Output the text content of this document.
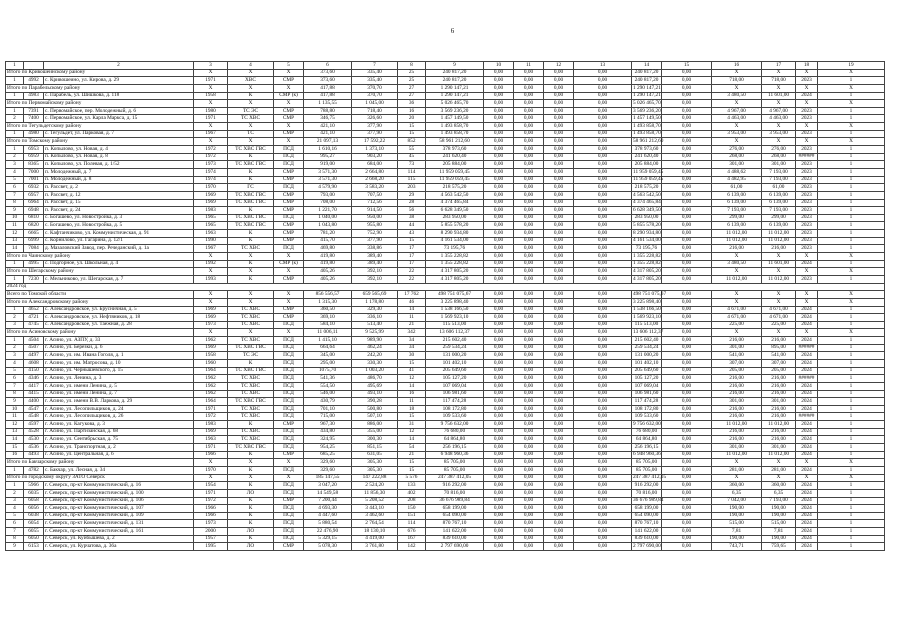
6
1		2	3	4	5	6	7	8	9	10	11	12	13	14	15	16	17	18	19
Итого по Кривошеинскому району			X	X	X	373,60	335,40	25	240 817,20	0,00	0,00	0,00	0,00	240 817,20	0,00	X	X	X	X
1	4992	с. Кривошеино, ул. Кирова, д. 29	1971	ХВС	СМР	373,60	335,40	25	240 817,20	0,00	0,00	0,00	0,00	240 817,20	0,00	718,00	718,00	2023	1
Итого по Парабельскому району			X	X	X	417,88	370,70	27	1 290 147,21	0,00	0,00	0,00	0,00	1 290 147,21	0,00	X	X	X	X
1	4983	с. Парабель, ул. Шишкова, д. 118	1958	К	СМР (к)	417,88	370,70	27	1 290 147,21	0,00	0,00	0,00	0,00	1 290 147,21	0,00	3 480,50	11 601,00	2024	1
Итого по Первомайскому району			X	X	X	1 135,55	1 045,00	36	5 026 465,70	0,00	0,00	0,00	0,00	5 026 465,70	0,00	X	X	X	X
1	7391	с. Первомайское, пер. Молодежный, д. 6	1980	ТС ЭС	СМР	788,80	718,40	16	3 569 236,20	0,00	0,00	0,00	0,00	3 569 236,20	0,00	4 967,00	4 967,00	2023	1
2	7400	с. Первомайское, ул. Карла Маркса, д. 15	1971	ТС ХВС	СМР	346,75	326,60	20	1 457 149,50	0,00	0,00	0,00	0,00	1 457 149,50	0,00	4 463,00	4 463,00	2023	1
Итого по Тегульдетскому району			X	X	X	421,10	377,90	15	1 493 858,70	0,00	0,00	0,00	0,00	1 493 858,70	0,00	X	X	X	X
1	4980	с. Тегульдет, ул. Парковая, д. 7	1967	ТС	СМР	421,10	377,90	15	1 493 858,70	0,00	0,00	0,00	0,00	1 493 858,70	0,00	3 953,00	3 953,00	2023	1
Итого по Томскому району			X	X	X	21 097,13	17 592,22	852	58 961 212,60	0,00	0,00	0,00	0,00	58 961 212,60	0,00	X	X	X	X
1	6953	п. Копылово, ул. Новая, д. 4	1972	ТС ХВС ГВС	ПСД	1 610,16	1 373,10	55	378 973,60	0,00	0,00	0,00	0,00	378 973,60	0,00	276,00	276,00	2023	1
2	6959	п. Копылово, ул. Новая, д. 8	1972	К	ПСД	995,27	903,20	45	241 620,40	0,00	0,00	0,00	0,00	241 620,40	0,00	268,00	268,00	######	1
3	8365	п. Копылово, ул. Полевая, д. 1/52	1973	ТС ХВС ГВС	ПСД	919,00	684,00	73	205 884,00	0,00	0,00	0,00	0,00	205 884,00	0,00	301,00	301,00	2023	1
4	7000	п. Молодежный, д. 7	1974	К	СМР	3 571,30	2 664,80	114	11 959 059,45	0,00	0,00	0,00	0,00	11 959 059,45	0,00	4 488,62	7 193,00	2023	1
5	7001	п. Молодежный, д. 8	1974	К	СМР	3 571,30	2 668,20	115	11 959 059,45	0,00	0,00	0,00	0,00	11 959 059,45	0,00	4 482,95	7 193,00	2023	1
6	6932	п. Рассвет, д. 2	1970	ГС	ПСД	4 579,90	3 583,20	203	218 575,20	0,00	0,00	0,00	0,00	218 575,20	0,00	61,00	61,00	2023	1
7	6957	п. Рассвет, д. 12	1969	ТС ХВС ГВС	СМР	793,00	707,50	29	4 563 542,50	0,00	0,00	0,00	0,00	4 563 542,50	0,00	6 139,00	6 139,00	2023	1
8	6964	п. Рассвет, д. 15	1969	ТС ХВС ГВС	СМР	708,00	712,56	28	4 374 465,84	0,00	0,00	0,00	0,00	4 374 465,84	0,00	6 139,00	6 139,00	2023	1
9	6948	п. Рассвет, д. 24	1983	К	СМР	1 221,70	914,50	56	6 628 349,50	0,00	0,00	0,00	0,00	6 628 349,50	0,00	7 193,00	7 193,00	2023	1
10	6810	с. Богашево, ул. Новостройка, д. 3	1965	ТС ХВС ГВС	ПСД	1 040,00	950,00	38	283 950,00	0,00	0,00	0,00	0,00	283 950,00	0,00	299,00	299,00	2023	1
11	6820	с. Богашево, ул. Новостройка, д. 5	1965	ТС ХВС ГВС	СМР	1 043,80	955,80	44	5 855 578,20	0,00	0,00	0,00	0,00	5 855 578,20	0,00	6 139,00	6 139,00	2023	1
12	6665	с. Кафтанчиково, ул. Коммунистическая, д. 91	1963	К	СМР	781,20	752,90	43	8 290 934,80	0,00	0,00	0,00	0,00	8 290 934,80	0,00	11 012,00	11 012,00	2023	1
13	6999	с. Корнилово, ул. Гагарина, д. 12/1	1990	К	СМР	415,70	377,90	15	4 161 534,00	0,00	0,00	0,00	0,00	4 161 534,00	0,00	11 012,00	11 012,00	2023	1
14	7084	д. Мазаловский Завод, пер. Речеданский, д. 1а	1967	ТС ХВС	ПСД	469,80	338,86	17	73 195,76	0,00	0,00	0,00	0,00	73 195,76	0,00	216,00	216,00	2023	1
Итого по Чаинскому району			X	X	X	419,80	389,40	17	1 355 228,82	0,00	0,00	0,00	0,00	1 355 228,82	0,00	X	X	X	X
1	4995	с. Подгорное, ул. Школьная, д. 4	1992	К	СМР (к)	419,80	389,40	17	1 355 228,82	0,00	0,00	0,00	0,00	1 355 228,82	0,00	3 480,50	11 601,00	2024	1
Итого по Шегарскому району			X	X	X	405,26	392,10	22	4 317 805,20	0,00	0,00	0,00	0,00	4 317 805,20	0,00	X	X	X	X
1	7230	с. Мельниково, ул. Шегарская, д. 7	1993	К	СМР	405,26	392,10	22	4 317 805,20	0,00	0,00	0,00	0,00	4 317 805,20	0,00	11 012,00	11 012,00	2023	1
2024 год																			
Всего по Томской области			X	X	X	856 556,57	659 565,69	17 762	498 751 075,67	0,00	0,00	0,00	0,00	498 751 075,67	0,00	X	X	X	X
Итого по Александровскому району			X	X	X	1 315,30	1 178,80	46	3 225 898,40	0,00	0,00	0,00	0,00	3 225 898,40	0,00	X	X	X	X
1	4652	с. Александровское, ул. Брусничная, д. 5	1969	ТС ХВС	СМР	360,50	329,30	14	1 538 166,50	0,00	0,00	0,00	0,00	1 538 166,50	0,00	4 671,00	4 671,00	2024	1
2	4721	с. Александровское, ул. Нефтяников, д. 18	1969	ТС ХВС	СМР	369,10	336,10	11	1 569 923,10	0,00	0,00	0,00	0,00	1 569 923,10	0,00	4 671,00	4 671,00	2024	1
3	4745	с. Александровское, ул. Таежная, д. 28	1973	ТС ХВС	ПСД	584,10	513,40	21	115 513,00	0,00	0,00	0,00	0,00	115 513,00	0,00	225,00	225,00	2024	1
Итого по Асиновскому району			X	X	X	11 006,11	9 525,99	342	13 606 112,37	0,00	0,00	0,00	0,00	13 606 112,37	0,00	X	X	X	X
1	4504	г. Асино, ул. АЗПУ, д. 33	1962	ТС ХВС	ПСД	1 415,10	989,90	34	215 602,40	0,00	0,00	0,00	0,00	215 602,40	0,00	216,00	216,00	2024	1
2	4507	г. Асино, ул. Березки, д. 6	1969	ТС ХВС ГВС	ПСД	664,64	462,24	34	259 534,24	0,00	0,00	0,00	0,00	259 534,24	0,00	301,00	895,00	######	1
3	4497	г. Асино, ул. им. Ивана Гоголя, д. 1	1958	ТС ЭС	ПСД	345,00	242,20	30	131 000,20	0,00	0,00	0,00	0,00	131 000,20	0,00	541,00	541,00	2024	1
4	4608	г. Асино, ул. им. Матросова, д. 10	1960	К	ПСД	295,00	330,30	15	101 402,10	0,00	0,00	0,00	0,00	101 402,10	0,00	307,00	307,00	2024	1
5	4150	г. Асино, ул. Чернышевского, д. 15	1964	ТС ХВС ГВС	ПСД	1075,70	1 003,20	41	205 649,60	0,00	0,00	0,00	0,00	205 649,60	0,00	205,00	205,00	2024	1
6	4346	г. Асино, ул. Ленина, д. 3	1962	ТС ХВС	ПСД	541,36	486,70	12	105 127,20	0,00	0,00	0,00	0,00	105 127,20	0,00	216,00	216,00	######	1
7	4417	г. Асино, ул. имени Ленина, д. 5	1962	ТС ХВС	ПСД	554,50	495,69	14	107 069,04	0,00	0,00	0,00	0,00	107 069,04	0,00	216,00	216,00	2024	1
8	4415	г. Асино, ул. имени Ленина, д. 7	1962	ТС ХВС	ПСД	546,00	493,10	16	106 981,60	0,00	0,00	0,00	0,00	106 981,60	0,00	216,00	216,00	2024	1
9	4400	г. Асино, ул. имени В.В. Ларкова, д. 29	1964	ТС ХВС ГВС	ПСД	430,79	390,28	11	117 474,28	0,00	0,00	0,00	0,00	117 474,28	0,00	301,00	301,00	2024	1
10	4547	г. Асино, ул. Лесопильщиков, д. 24	1971	ТС ХВС	ПСД	701,10	500,80	18	108 172,80	0,00	0,00	0,00	0,00	108 172,80	0,00	216,00	216,00	2024	1
11	4548	г. Асино, ул. Лесопильщиков, д. 26	1972	ТС ХВС	ПСД	715,00	507,10	15	109 533,60	0,00	0,00	0,00	0,00	109 533,60	0,00	216,00	216,00	######	1
12	4597	г. Асино, ул. Кагукова, д. 3	1983	К	СМР	967,30	886,00	31	9 756 632,00	0,00	0,00	0,00	0,00	9 756 632,00	0,00	11 012,00	11 012,00	2024	1
13	4528	г. Асино, ул. Партизанская, д. 68	1969	ТС ХВС	ПСД	434,80	355,00	12	76 680,00	0,00	0,00	0,00	0,00	76 680,00	0,00	216,00	216,00	2024	1
14	4530	г. Асино, ул. Сентябрьская, д. 75	1963	ТС ХВС	ПСД	324,95	300,30	14	64 864,80	0,00	0,00	0,00	0,00	64 864,80	0,00	216,00	216,00	2024	1
15	4536	г. Асино, ул. Транспортная, д. 2	1971	ТС ХВС ГВС	ПСД	954,25	851,15	54	256 196,15	0,00	0,00	0,00	0,00	256 196,15	0,00	301,00	301,00	2024	1
16	4493	г. Асино, ул. Центральная, д. 6	1966	К	СМР	685,25	631,05	21	6 948 960,36	0,00	0,00	0,00	0,00	6 948 960,36	0,00	11 012,00	11 012,00	2024	1
Итого по Бакчарскому району			X	X	X	329,60	305,30	15	85 705,00	0,00	0,00	0,00	0,00	85 705,00	0,00	X	X	X	X
1	4782	с. Бакчар, ул. Лесная, д. 34	1970	К	ПСД	329,60	305,30	15	85 705,00	0,00	0,00	0,00	0,00	85 705,00	0,00	281,00	281,00	2024	1
Итого по городскому округу ЗАТО Северск			X	X	X	185 147,55	147 222,88	5 576	247 387 412,05	0,00	0,00	0,00	0,00	247 387 412,05	0,00	X	X	X	X
1	5966	г. Северск, пр-кт Коммунистический, д. 16	1954	К	ПСД	3 047,20	2 524,20	133	916 292,00	0,00	0,00	0,00	0,00	916 292,00	0,00	360,00	360,00	2024	1
2	6035	г. Северск, пр-кт Коммунистический, д. 100	1971	ЛО	ПСД	14 549,58	11 856,30	402	70 816,00	0,00	0,00	0,00	0,00	70 816,00	0,00	6,35	6,35	2024	1
3	6058	г. Северск, пр-кт Коммунистический, д. 106	1972	К	СМР	7 200,44	5 208,52	208	36 676 989,84	0,00	0,00	0,00	0,00	36 676 989,84	0,00	7 042,00	7 193,00	2024	1
4	6056	г. Северск, пр-кт Коммунистический, д. 107	1966	К	ПСД	4 693,30	3 443,10	150	658 199,00	0,00	0,00	0,00	0,00	658 199,00	0,00	190,00	190,00	2024	1
5	6038	г. Северск, пр-кт Коммунистический, д. 109	1966	К	ПСД	4 447,60	3 462,60	151	654 090,00	0,00	0,00	0,00	0,00	654 090,00	0,00	190,00	190,00	2024	1
6	6054	г. Северск, пр-кт Коммунистический, д. 131	1973	К	ПСД	5 880,54	2 764,54	114	870 767,10	0,00	0,00	0,00	0,00	870 767,10	0,00	515,00	515,00	2024	1
7	6055	г. Северск, пр-кт Коммунистический, д. 161	2000	ЛО	ПСД	22 476,90	18 130,10	676	141 622,00	0,00	0,00	0,00	0,00	141 622,00	0,00	7,81	7,81	2024	1
8	6050	г. Северск, ул. Куйбышева, д. 2	1957	К	ПСД	5 329,15	4 419,00	167	839 610,00	0,00	0,00	0,00	0,00	839 610,00	0,00	190,00	190,00	2024	1
9	6153	г. Северск, ул. Курчатова, д. 36а	1995	ЛО	СМР	5 078,30	3 761,80	142	2 797 690,00	0,00	0,00	0,00	0,00	2 797 690,00	0,00	743,71	759,65	2024	1
